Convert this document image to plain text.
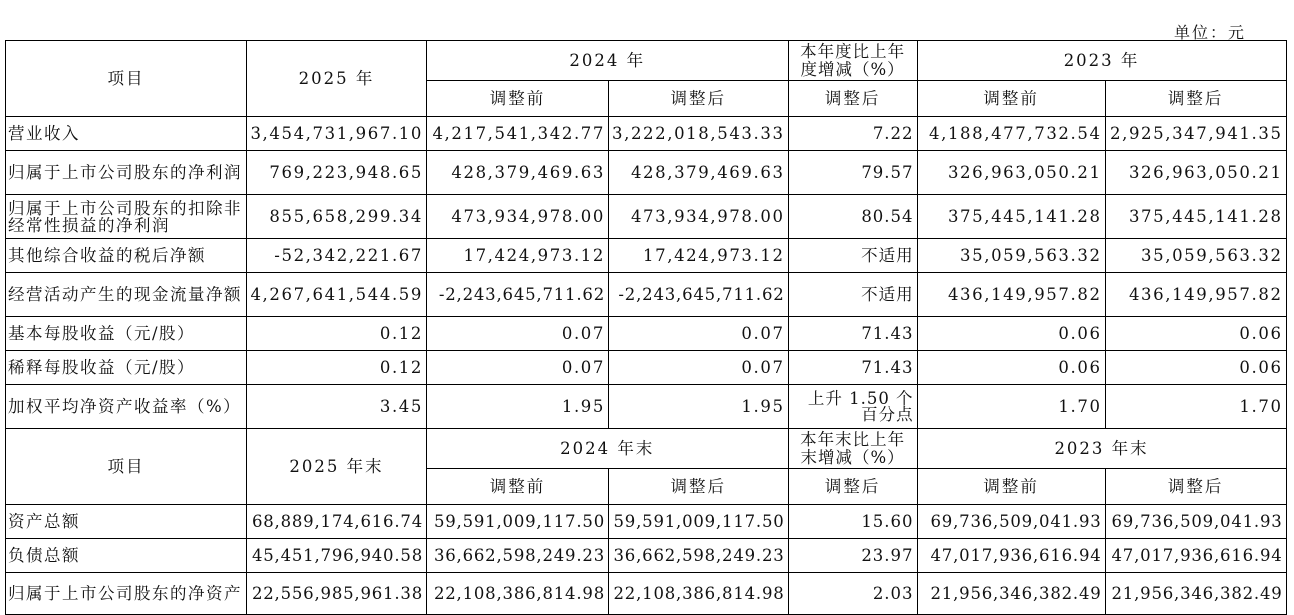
单位：元
项目	2025 年	2024 年		本年度比上年度增减（%）	2023 年	
		调整前	调整后	调整后	调整前	调整后
营业收入	3,454,731,967.10	4,217,541,342.77	3,222,018,543.33	7.22	4,188,477,732.54	2,925,347,941.35
归属于上市公司股东的净利润	769,223,948.65	428,379,469.63	428,379,469.63	79.57	326,963,050.21	326,963,050.21
归属于上市公司股东的扣除非经常性损益的净利润	855,658,299.34	473,934,978.00	473,934,978.00	80.54	375,445,141.28	375,445,141.28
其他综合收益的税后净额	-52,342,221.67	17,424,973.12	17,424,973.12	不适用	35,059,563.32	35,059,563.32
经营活动产生的现金流量净额	4,267,641,544.59	-2,243,645,711.62	-2,243,645,711.62	不适用	436,149,957.82	436,149,957.82
基本每股收益（元/股）	0.12	0.07	0.07	71.43	0.06	0.06
稀释每股收益（元/股）	0.12	0.07	0.07	71.43	0.06	0.06
加权平均净资产收益率（%）	3.45	1.95	1.95	上升 1.50 个百分点	1.70	1.70
项目	2025 年末	2024 年末		本年末比上年末增减（%）	2023 年末	
		调整前	调整后	调整后	调整前	调整后
资产总额	68,889,174,616.74	59,591,009,117.50	59,591,009,117.50	15.60	69,736,509,041.93	69,736,509,041.93
负债总额	45,451,796,940.58	36,662,598,249.23	36,662,598,249.23	23.97	47,017,936,616.94	47,017,936,616.94
归属于上市公司股东的净资产	22,556,985,961.38	22,108,386,814.98	22,108,386,814.98	2.03	21,956,346,382.49	21,956,346,382.49
